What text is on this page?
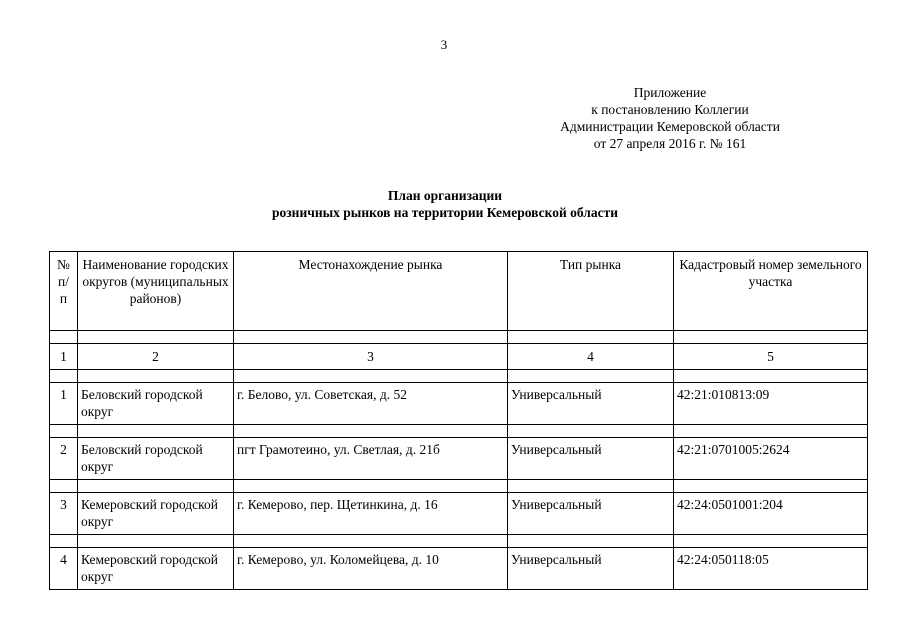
3
Приложение
к постановлению Коллегии
Администрации Кемеровской области
от 27 апреля 2016 г. № 161
План организации
розничных рынков на территории Кемеровской области
№
п/
п	Наименование городских округов (муниципальных районов)	Местонахождение рынка	Тип рынка	Кадастровый номер земельного участка

1	2	3	4	5

1	Беловский городской округ	г. Белово, ул. Советская, д. 52	Универсальный	42:21:010813:09

2	Беловский городской округ	пгт Грамотеино, ул. Светлая, д. 21б	Универсальный	42:21:0701005:2624

3	Кемеровский городской округ	г. Кемерово, пер. Щетинкина, д. 16	Универсальный	42:24:0501001:204

4	Кемеровский городской округ	г. Кемерово, ул. Коломейцева, д. 10	Универсальный	42:24:050118:05
